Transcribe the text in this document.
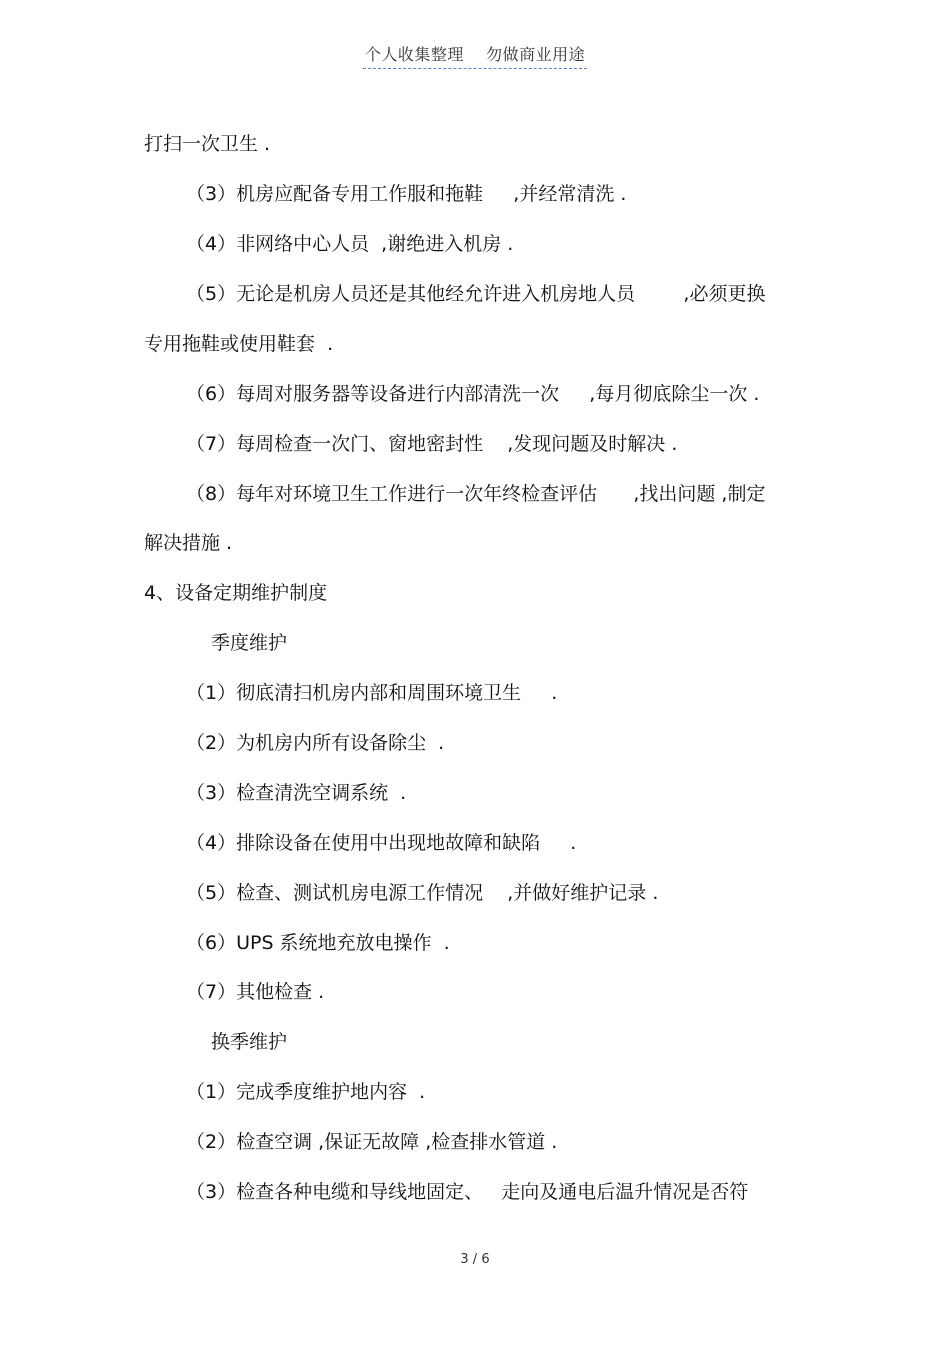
个人收集整理    勿做商业用途
打扫一次卫生 .
（3）机房应配备专用工作服和拖鞋     ,并经常清洗 .
（4）非网络中心人员  ,谢绝进入机房 .
（5）无论是机房人员还是其他经允许进入机房地人员        ,必须更换
专用拖鞋或使用鞋套  .
（6）每周对服务器等设备进行内部清洗一次     ,每月彻底除尘一次 .
（7）每周检查一次门、窗地密封性    ,发现问题及时解决 .
（8）每年对环境卫生工作进行一次年终检查评估      ,找出问题 ,制定
解决措施 .
4、设备定期维护制度
季度维护
（1）彻底清扫机房内部和周围环境卫生     .
（2）为机房内所有设备除尘  .
（3）检查清洗空调系统  .
（4）排除设备在使用中出现地故障和缺陷     .
（5）检查、测试机房电源工作情况    ,并做好维护记录 .
（6）UPS 系统地充放电操作  .
（7）其他检查 .
换季维护
（1）完成季度维护地内容  .
（2）检查空调 ,保证无故障 ,检查排水管道 .
（3）检查各种电缆和导线地固定、   走向及通电后温升情况是否符
3 / 6
